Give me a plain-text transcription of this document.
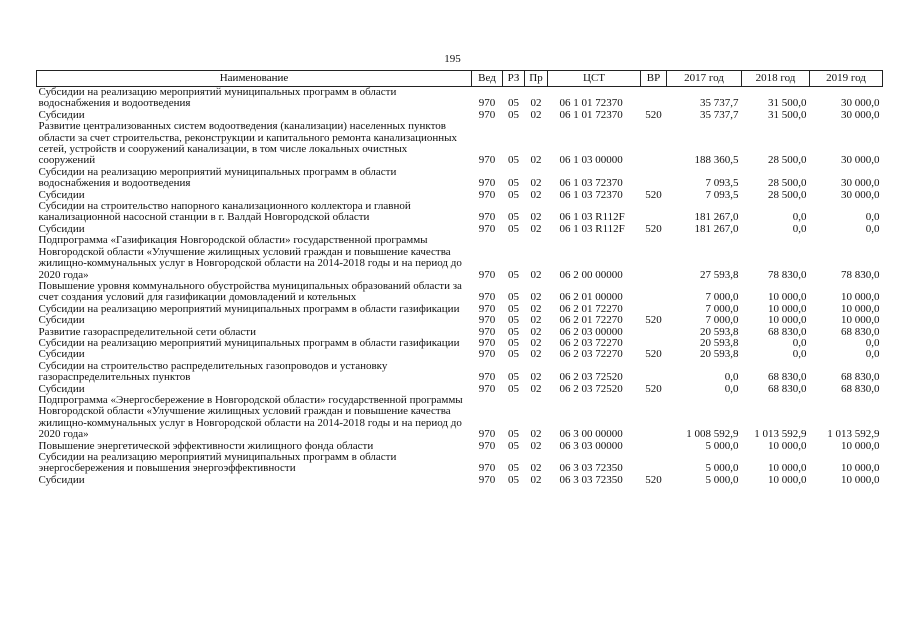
195
Наименование	Вед	РЗ	Пр	ЦСТ	ВР	2017 год	2018 год	2019 год
Субсидии на реализацию мероприятий муниципальных программ в области водоснабжения и водоотведения	970	05	02	06 1 01 72370		35 737,7	31 500,0	30 000,0
Субсидии	970	05	02	06 1 01 72370	520	35 737,7	31 500,0	30 000,0
Развитие централизованных систем водоотведения (канализации) населенных пунктов области за счет строительства, реконструкции и капитального ремонта канализационных сетей, устройств и сооружений канализации, в том числе локальных очистных сооружений	970	05	02	06 1 03 00000		188 360,5	28 500,0	30 000,0
Субсидии на реализацию мероприятий муниципальных программ в области водоснабжения и водоотведения	970	05	02	06 1 03 72370		7 093,5	28 500,0	30 000,0
Субсидии	970	05	02	06 1 03 72370	520	7 093,5	28 500,0	30 000,0
Субсидии на строительство напорного канализационного коллектора и главной канализационной насосной станции в г. Валдай Новгородской области	970	05	02	06 1 03 R112F		181 267,0	0,0	0,0
Субсидии	970	05	02	06 1 03 R112F	520	181 267,0	0,0	0,0
Подпрограмма «Газификация Новгородской области» государственной программы Новгородской области «Улучшение жилищных условий граждан и повышение качества жилищно-коммунальных услуг в Новгородской области на 2014-2018 годы и на период до 2020 года»	970	05	02	06 2 00 00000		27 593,8	78 830,0	78 830,0
Повышение уровня коммунального обустройства муниципальных образований области за счет создания условий для газификации домовладений и котельных	970	05	02	06 2 01 00000		7 000,0	10 000,0	10 000,0
Субсидии на реализацию мероприятий муниципальных программ в области газификации	970	05	02	06 2 01 72270		7 000,0	10 000,0	10 000,0
Субсидии	970	05	02	06 2 01 72270	520	7 000,0	10 000,0	10 000,0
Развитие газораспределительной сети области	970	05	02	06 2 03 00000		20 593,8	68 830,0	68 830,0
Субсидии на реализацию мероприятий муниципальных программ в области газификации	970	05	02	06 2 03 72270		20 593,8	0,0	0,0
Субсидии	970	05	02	06 2 03 72270	520	20 593,8	0,0	0,0
Субсидии на строительство распределительных газопроводов и установку газораспределительных пунктов	970	05	02	06 2 03 72520		0,0	68 830,0	68 830,0
Субсидии	970	05	02	06 2 03 72520	520	0,0	68 830,0	68 830,0
Подпрограмма «Энергосбережение в Новгородской области» государственной программы Новгородской области «Улучшение жилищных условий граждан и повышение качества жилищно-коммунальных услуг в Новгородской области на 2014-2018 годы и на период до 2020 года»	970	05	02	06 3 00 00000		1 008 592,9	1 013 592,9	1 013 592,9
Повышение энергетической эффективности жилищного фонда области	970	05	02	06 3 03 00000		5 000,0	10 000,0	10 000,0
Субсидии на реализацию мероприятий муниципальных программ в области энергосбережения и повышения энергоэффективности	970	05	02	06 3 03 72350		5 000,0	10 000,0	10 000,0
Субсидии	970	05	02	06 3 03 72350	520	5 000,0	10 000,0	10 000,0
